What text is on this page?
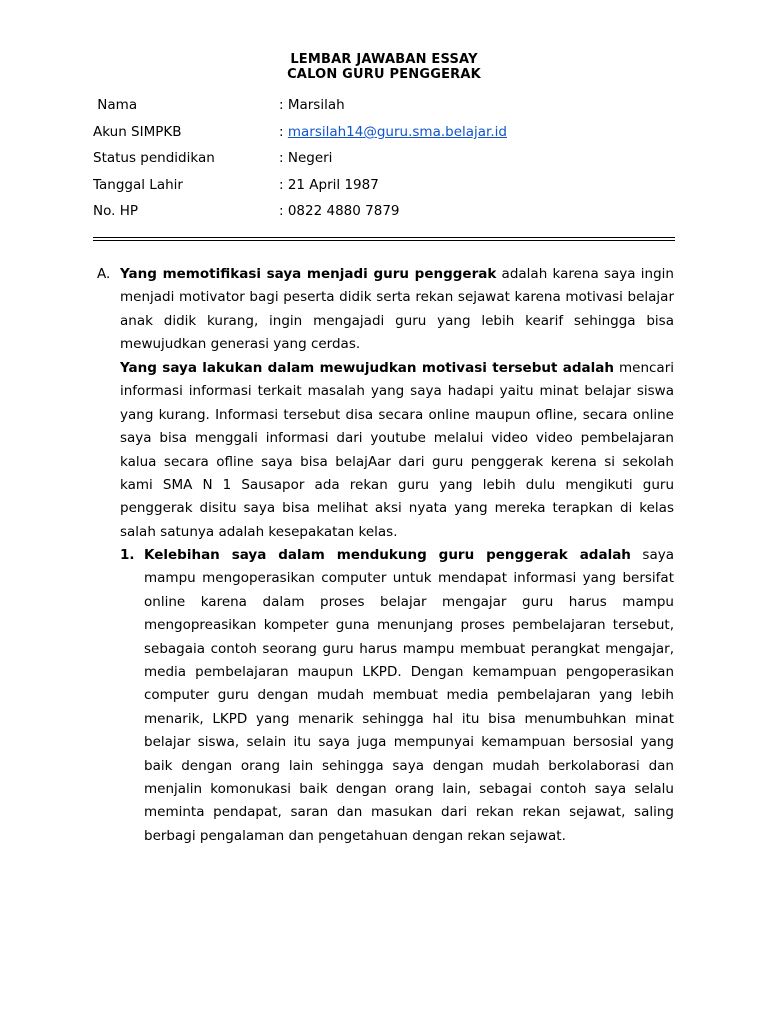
LEMBAR JAWABAN ESSAY
CALON GURU PENGGERAK
Nama	: Marsilah
Akun SIMPKB	: marsilah14@guru.sma.belajar.id
Status pendidikan	: Negeri
Tanggal Lahir	: 21 April 1987
No. HP	: 0822 4880 7879
A. Yang memotifikasi saya menjadi guru penggerak adalah karena saya ingin menjadi motivator bagi peserta didik serta rekan sejawat karena motivasi belajar anak didik kurang, ingin mengajadi guru yang lebih kearif sehingga bisa mewujudkan generasi yang cerdas.
Yang saya lakukan dalam mewujudkan motivasi tersebut adalah mencari informasi informasi terkait masalah yang saya hadapi yaitu minat belajar siswa yang kurang. Informasi tersebut disa secara online maupun ofline, secara online saya bisa menggali informasi dari youtube melalui video video pembelajaran kalua secara ofline saya bisa belajAar dari guru penggerak kerena si sekolah kami SMA N 1 Sausapor ada rekan guru yang lebih dulu mengikuti guru penggerak disitu saya bisa melihat aksi nyata yang mereka terapkan di kelas salah satunya adalah kesepakatan kelas.
1. Kelebihan saya dalam mendukung guru penggerak adalah saya mampu mengoperasikan computer untuk mendapat informasi yang bersifat online karena dalam proses belajar mengajar guru harus mampu mengopreasikan kompeter guna menunjang proses pembelajaran tersebut, sebagaia contoh seorang guru harus mampu membuat perangkat mengajar, media pembelajaran maupun LKPD. Dengan kemampuan pengoperasikan computer guru dengan mudah membuat media pembelajaran yang lebih menarik, LKPD yang menarik sehingga hal itu bisa menumbuhkan minat belajar siswa, selain itu saya juga mempunyai kemampuan bersosial yang baik dengan orang lain sehingga saya dengan mudah berkolaborasi dan menjalin komonukasi baik dengan orang lain, sebagai contoh saya selalu meminta pendapat, saran dan masukan dari rekan rekan sejawat, saling berbagi pengalaman dan pengetahuan dengan rekan sejawat.
